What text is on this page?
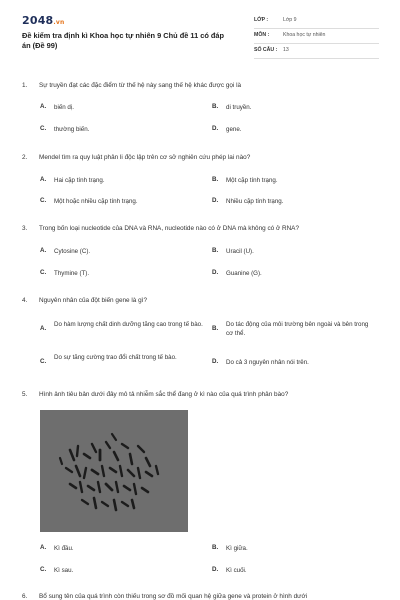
2048.vn
Đề kiểm tra định kì Khoa học tự nhiên 9 Chủ đề 11 có đáp án (Đề 99)
LỚP :	Lớp 9
MÔN :	Khoa học tự nhiên
SỐ CÂU : 13
1. Sự truyền đạt các đặc điểm từ thế hệ này sang thế hệ khác được gọi là
A. biến dị.	B. di truyền.
C. thường biến.	D. gene.
2. Mendel tìm ra quy luật phân li độc lập trên cơ sở nghiên cứu phép lai nào?
A. Hai cặp tính trạng.	B. Một cặp tính trạng.
C. Một hoặc nhiều cặp tính trạng.	D. Nhiều cặp tính trạng.
3. Trong bốn loại nucleotide của DNA và RNA, nucleotide nào có ở DNA mà không có ở RNA?
A. Cytosine (C).	B. Uracil (U).
C. Thymine (T).	D. Guanine (G).
4. Nguyên nhân của đột biến gene là gì?
A.
Do hàm lượng chất dinh dưỡng tăng cao trong tế bào.
B.
Do tác động của môi trường bên ngoài và bên trong cơ thể.
C.
Do sự tăng cường trao đổi chất trong tế bào.
D. Do cả 3 nguyên nhân nói trên.
5. Hình ảnh tiêu bản dưới đây mô tả nhiễm sắc thể đang ở kì nào của quá trình phân bào?
A. Kì đầu.	B. Kì giữa.
C. Kì sau.	D. Kì cuối.
6. Bổ sung tên của quá trình còn thiếu trong sơ đồ mối quan hệ giữa gene và protein ở hình dưới
